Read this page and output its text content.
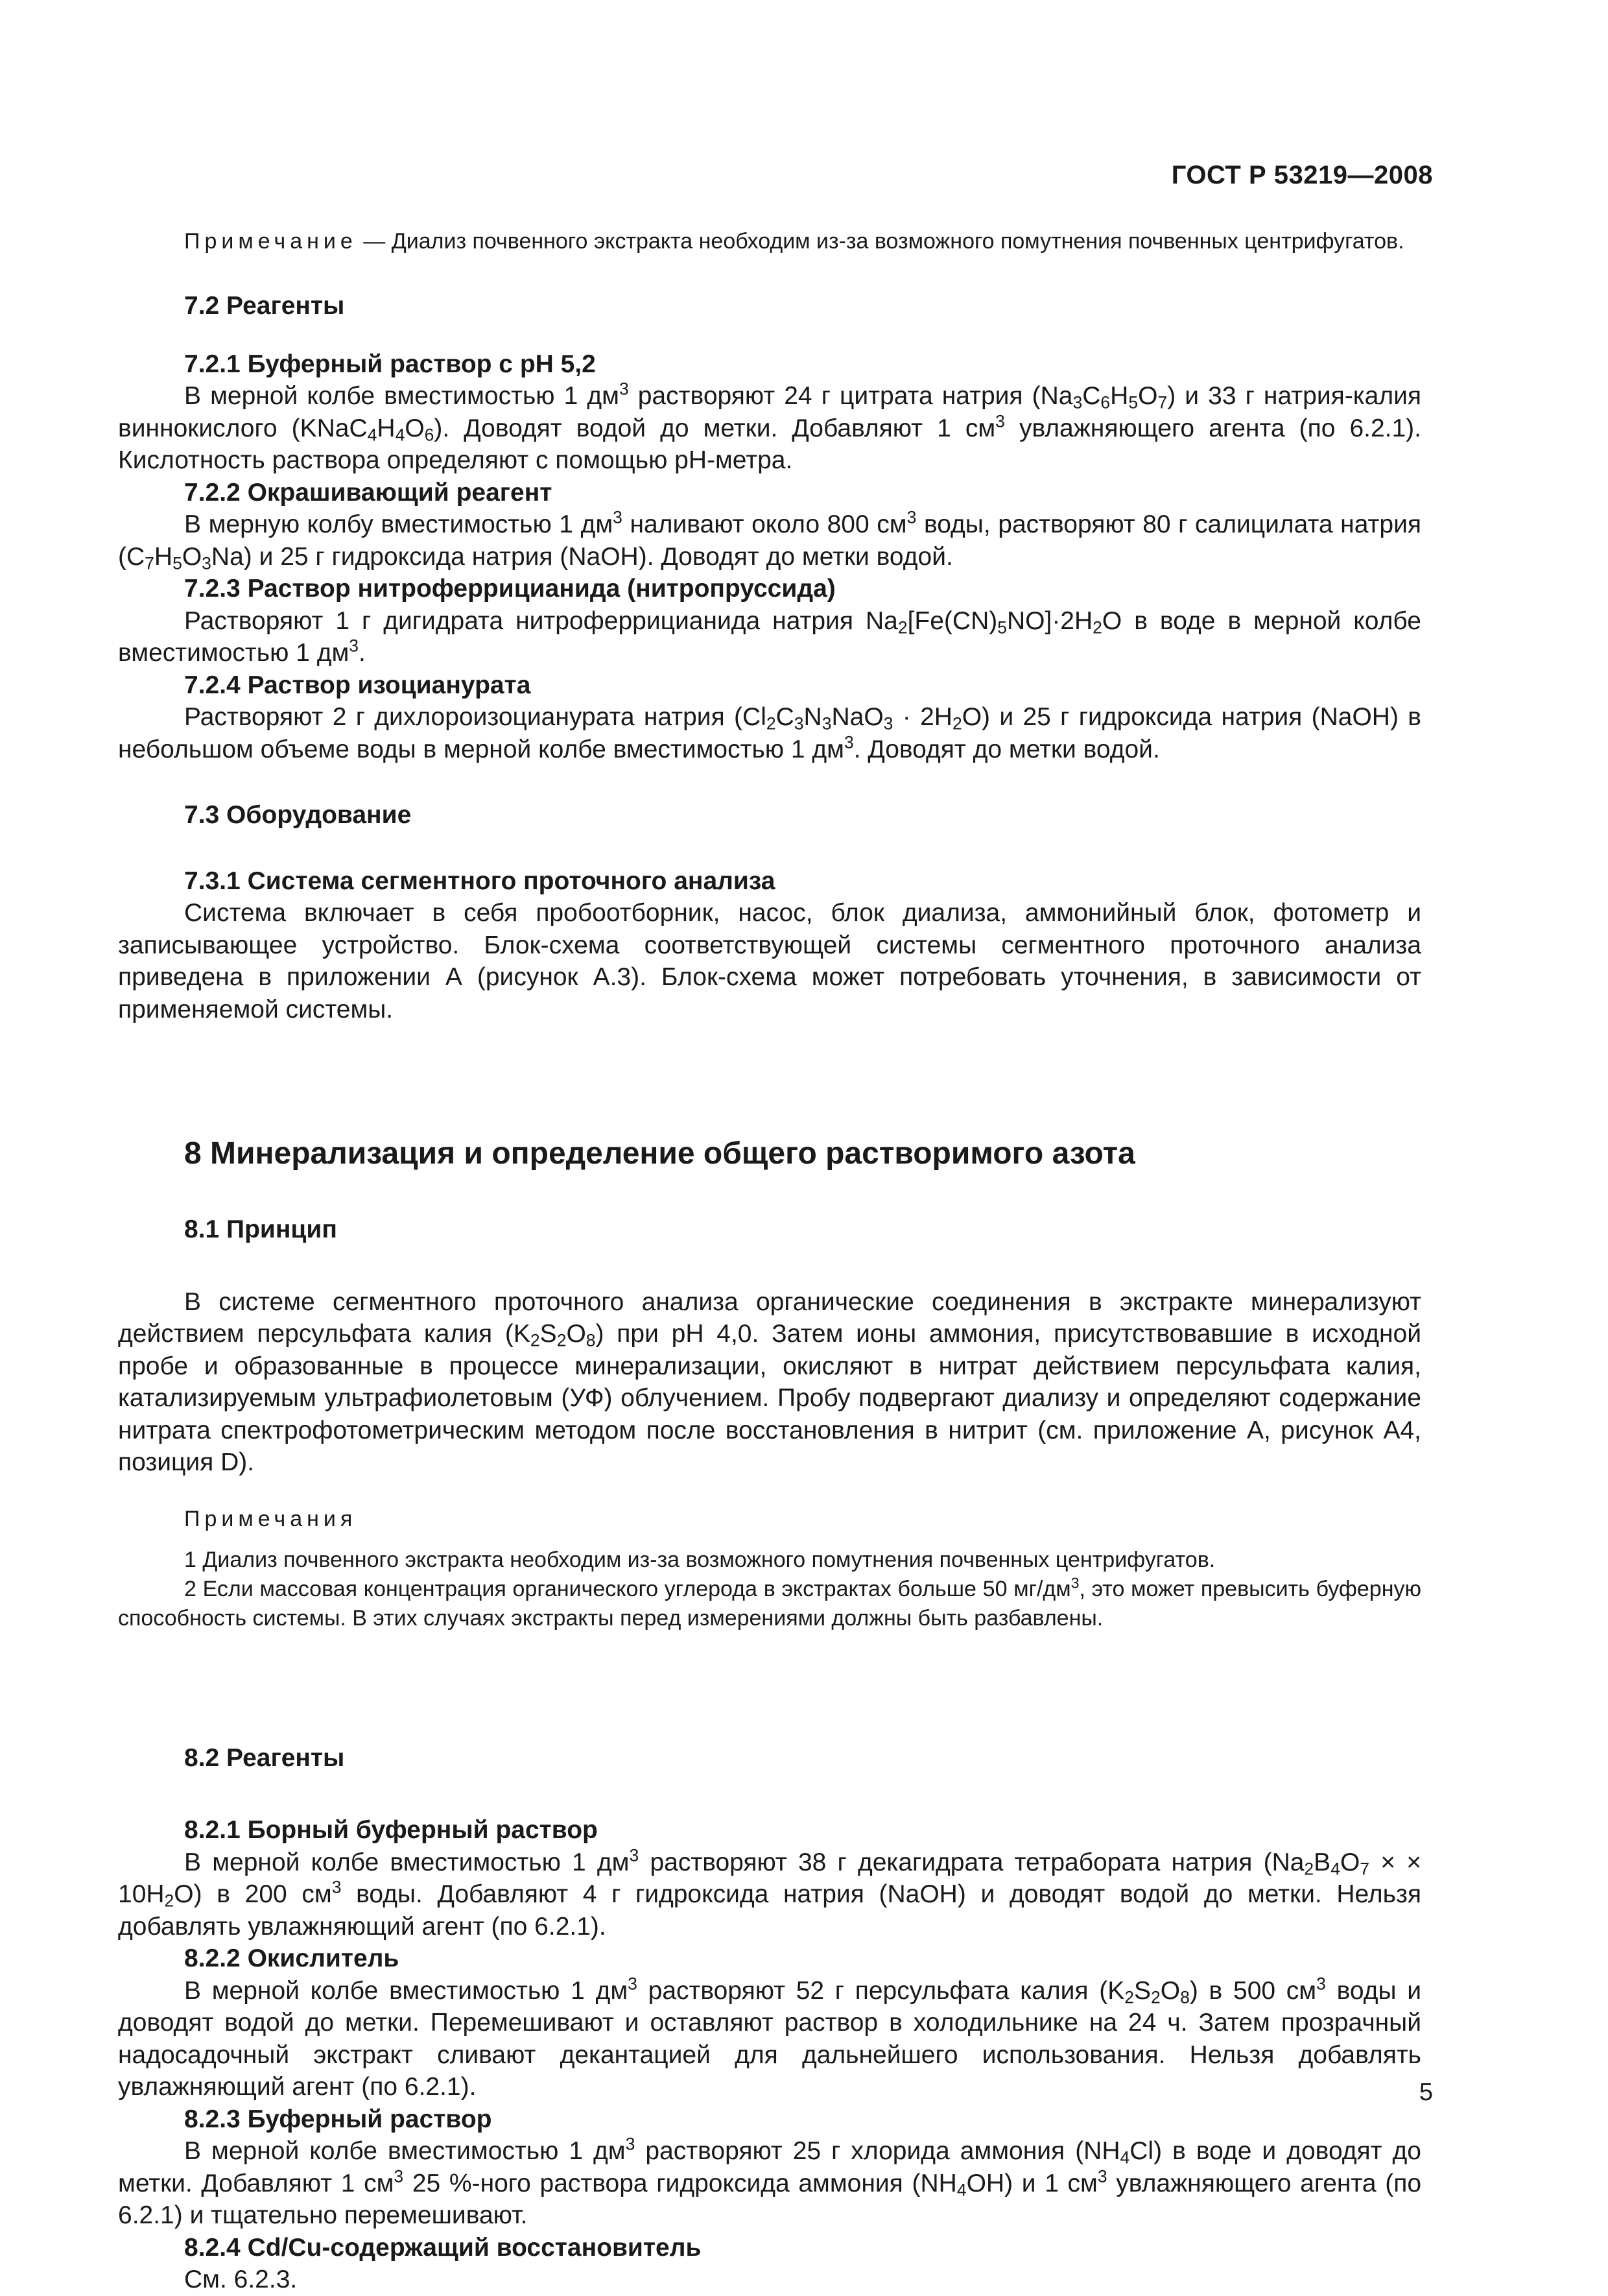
ГОСТ Р 53219—2008

Примечание — Диализ почвенного экстракта необходим из-за возможного помутнения почвенных центрифугатов.

7.2 Реагенты

7.2.1 Буферный раствор с рН 5,2

В мерной колбе вместимостью 1 $дм^3$ растворяют 24 г цитрата натрия $(Na_3C_6H_5O_7)$ и 33 г натрия-калия виннокислого $(KNaC_4H_4O_6)$. Доводят водой до метки. Добавляют 1 $см^3$ увлажняющего агента (по 6.2.1). Кислотность раствора определяют с помощью рН-метра.

7.2.2 Окрашивающий реагент

В мерную колбу вместимостью 1 $дм^3$ наливают около 800 $см^3$ воды, растворяют 80 г салицилата натрия $(C_7H_5O_3Na)$ и 25 г гидроксида натрия (NaOH). Доводят до метки водой.

7.2.3 Раствор нитроферрицианида (нитропруссида)

Растворяют 1 г дигидрата нитроферрицианида натрия $Na_2[Fe(CN)_5NO]\cdot 2H_2O$ в воде в мерной колбе вместимостью 1 $дм^3$.

7.2.4 Раствор изоцианурата

Растворяют 2 г дихлороизоцианурата натрия $(Cl_2C_3N_3NaO_3 \cdot 2H_2O)$ и 25 г гидроксида натрия (NaOH) в небольшом объеме воды в мерной колбе вместимостью 1 $дм^3$. Доводят до метки водой.

7.3 Оборудование

7.3.1 Система сегментного проточного анализа

Система включает в себя пробоотборник, насос, блок диализа, аммонийный блок, фотометр и записывающее устройство. Блок-схема соответствующей системы сегментного проточного анализа приведена в приложении А (рисунок А.3). Блок-схема может потребовать уточнения, в зависимости от применяемой системы.

8 Минерализация и определение общего растворимого азота

8.1 Принцип

В системе сегментного проточного анализа органические соединения в экстракте минерализуют действием персульфата калия $(K_2S_2O_8)$ при рН 4,0. Затем ионы аммония, присутствовавшие в исходной пробе и образованные в процессе минерализации, окисляют в нитрат действием персульфата калия, катализируемым ультрафиолетовым (УФ) облучением. Пробу подвергают диализу и определяют содержание нитрата спектрофотометрическим методом после восстановления в нитрит (см. приложение А, рисунок А4, позиция D).

Примечания

1 Диализ почвенного экстракта необходим из-за возможного помутнения почвенных центрифугатов.

2 Если массовая концентрация органического углерода в экстрактах больше 50 $мг/дм^3$, это может превысить буферную способность системы. В этих случаях экстракты перед измерениями должны быть разбавлены.

8.2 Реагенты

8.2.1 Борный буферный раствор

В мерной колбе вместимостью 1 $дм^3$ растворяют 38 г декагидрата тетрабората натрия ($Na_2B_4O_7$ × × $10H_2O$) в 200 $см^3$ воды. Добавляют 4 г гидроксида натрия (NaOH) и доводят водой до метки. Нельзя добавлять увлажняющий агент (по 6.2.1).

8.2.2 Окислитель

В мерной колбе вместимостью 1 $дм^3$ растворяют 52 г персульфата калия $(K_2S_2O_8)$ в 500 $см^3$ воды и доводят водой до метки. Перемешивают и оставляют раствор в холодильнике на 24 ч. Затем прозрачный надосадочный экстракт сливают декантацией для дальнейшего использования. Нельзя добавлять увлажняющий агент (по 6.2.1).

8.2.3 Буферный раствор

В мерной колбе вместимостью 1 $дм^3$ растворяют 25 г хлорида аммония $(NH_4Cl)$ в воде и доводят до метки. Добавляют 1 $см^3$ 25 %-ного раствора гидроксида аммония $(NH_4OH)$ и 1 $см^3$ увлажняющего агента (по 6.2.1) и тщательно перемешивают.

8.2.4 Cd/Cu-содержащий восстановитель

См. 6.2.3.

5
